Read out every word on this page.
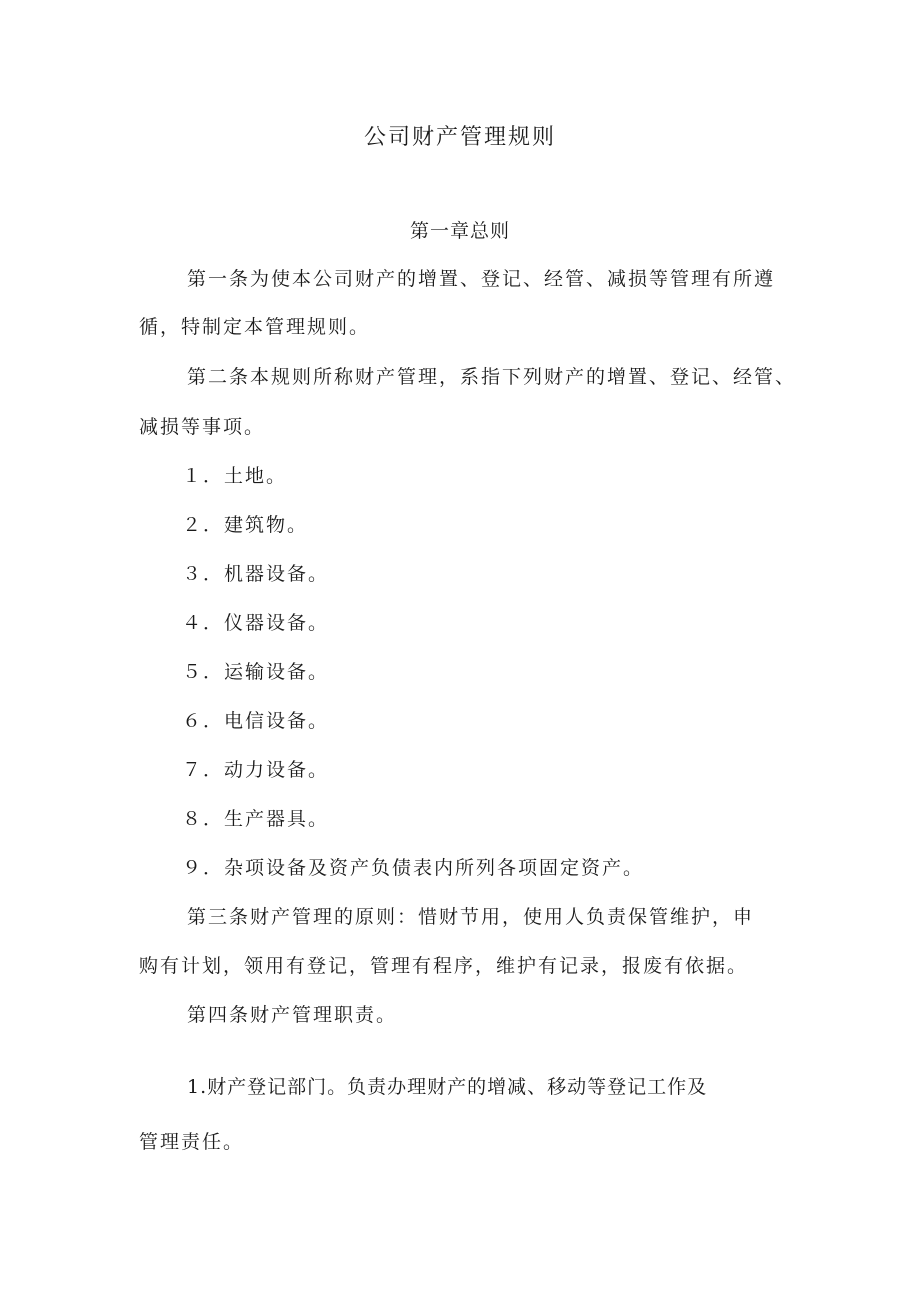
公司财产管理规则
第一章总则
第一条为使本公司财产的增置、登记、经管、减损等管理有所遵
循，特制定本管理规则。
第二条本规则所称财产管理，系指下列财产的增置、登记、经管、
减损等事项。
１．土地。
２．建筑物。
３．机器设备。
４．仪器设备。
５．运输设备。
６．电信设备。
７．动力设备。
８．生产器具。
９．杂项设备及资产负债表内所列各项固定资产。
第三条财产管理的原则：惜财节用，使用人负责保管维护，申
购有计划，领用有登记，管理有程序，维护有记录，报废有依据。
第四条财产管理职责。
1.财产登记部门。负责办理财产的增减、移动等登记工作及
管理责任。
